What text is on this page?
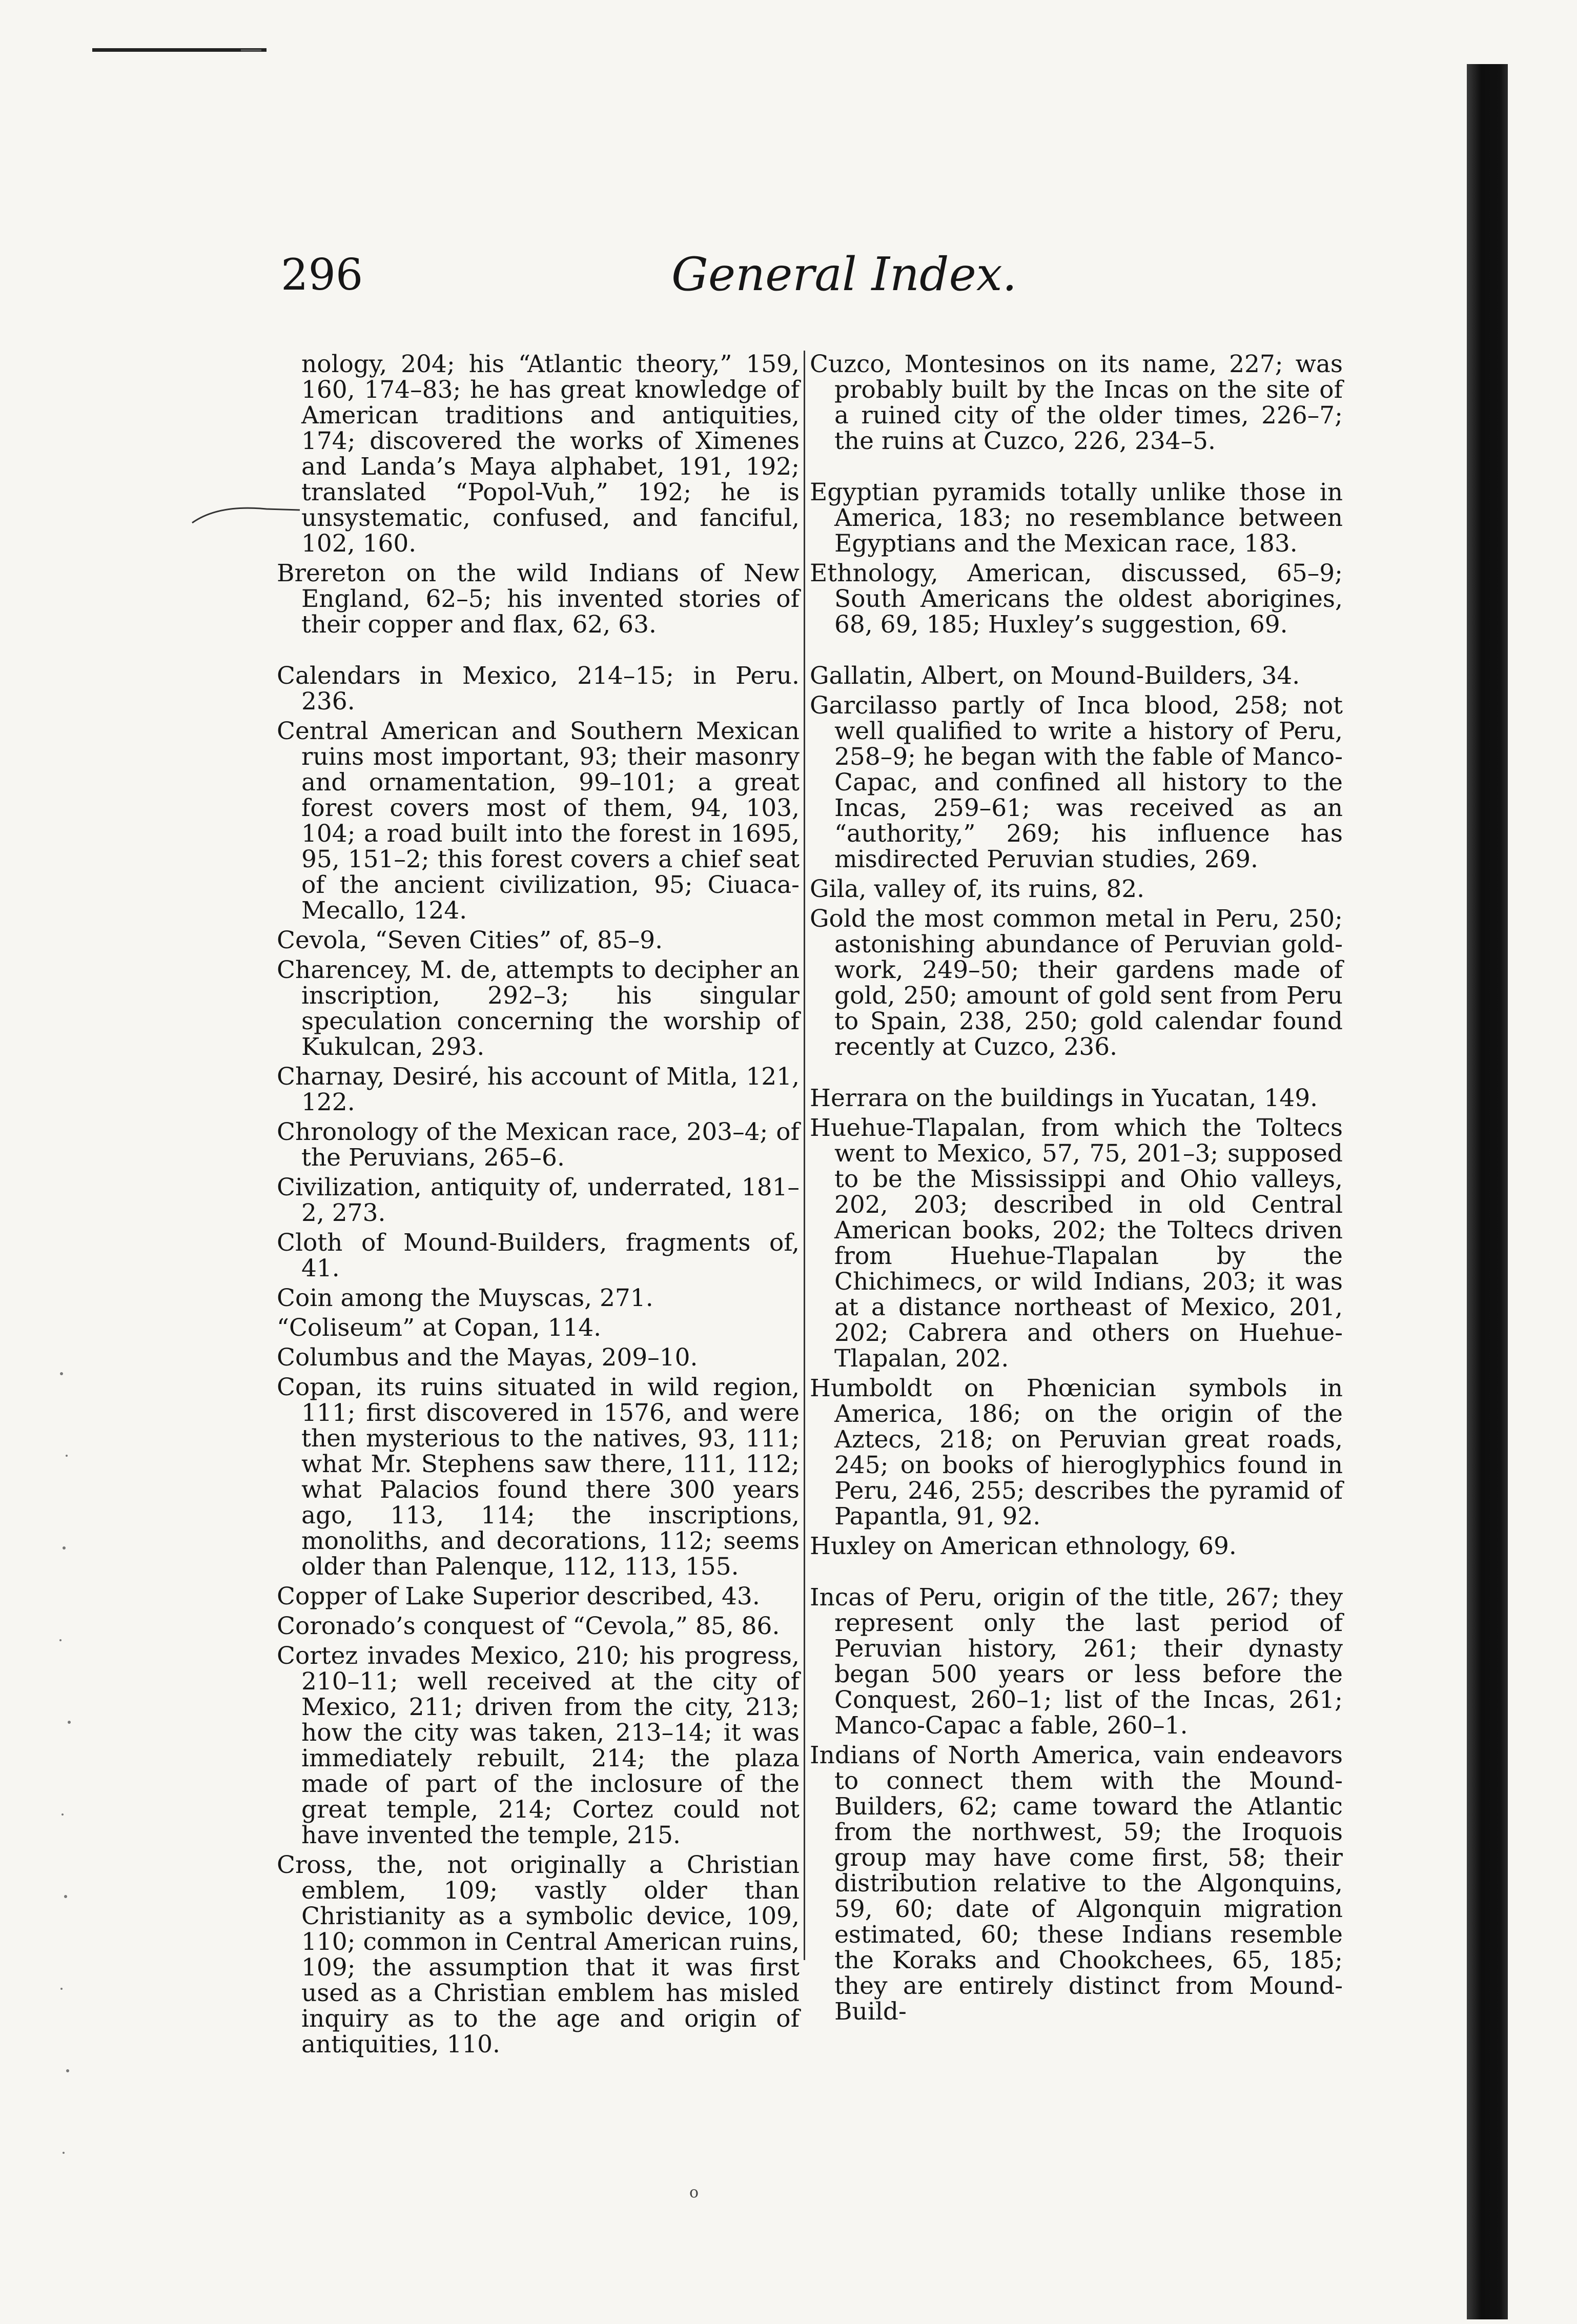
296	General Index.

nology, 204; his “Atlantic theory,” 159, 160, 174–83; he has great knowledge of American traditions and antiquities, 174; discovered the works of Ximenes and Landa’s Maya alphabet, 191, 192; translated “Popol-Vuh,” 192; he is unsystematic, confused, and fanciful, 102, 160.

Brereton on the wild Indians of New England, 62–5; his invented stories of their copper and flax, 62, 63.

Calendars in Mexico, 214–15; in Peru. 236.

Central American and Southern Mexican ruins most important, 93; their masonry and ornamentation, 99–101; a great forest covers most of them, 94, 103, 104; a road built into the forest in 1695, 95, 151–2; this forest covers a chief seat of the ancient civilization, 95; Ciuaca-Mecallo, 124.

Cevola, “Seven Cities” of, 85–9.

Charencey, M. de, attempts to decipher an inscription, 292–3; his singular speculation concerning the worship of Kukulcan, 293.

Charnay, Desiré, his account of Mitla, 121, 122.

Chronology of the Mexican race, 203–4; of the Peruvians, 265–6.

Civilization, antiquity of, underrated, 181–2, 273.

Cloth of Mound-Builders, fragments of, 41.

Coin among the Muyscas, 271.

“Coliseum” at Copan, 114.

Columbus and the Mayas, 209–10.

Copan, its ruins situated in wild region, 111; first discovered in 1576, and were then mysterious to the natives, 93, 111; what Mr. Stephens saw there, 111, 112; what Palacios found there 300 years ago, 113, 114; the inscriptions, monoliths, and decorations, 112; seems older than Palenque, 112, 113, 155.

Copper of Lake Superior described, 43.

Coronado’s conquest of “Cevola,” 85, 86.

Cortez invades Mexico, 210; his progress, 210–11; well received at the city of Mexico, 211; driven from the city, 213; how the city was taken, 213–14; it was immediately rebuilt, 214; the plaza made of part of the inclosure of the great temple, 214; Cortez could not have invented the temple, 215.

Cross, the, not originally a Christian emblem, 109; vastly older than Christianity as a symbolic device, 109, 110; common in Central American ruins, 109; the assumption that it was first used as a Christian emblem has misled inquiry as to the age and origin of antiquities, 110.

Cuzco, Montesinos on its name, 227; was probably built by the Incas on the site of a ruined city of the older times, 226–7; the ruins at Cuzco, 226, 234–5.

Egyptian pyramids totally unlike those in America, 183; no resemblance between Egyptians and the Mexican race, 183.

Ethnology, American, discussed, 65–9; South Americans the oldest aborigines, 68, 69, 185; Huxley’s suggestion, 69.

Gallatin, Albert, on Mound-Builders, 34.

Garcilasso partly of Inca blood, 258; not well qualified to write a history of Peru, 258–9; he began with the fable of Manco-Capac, and confined all history to the Incas, 259–61; was received as an “authority,” 269; his influence has misdirected Peruvian studies, 269.

Gila, valley of, its ruins, 82.

Gold the most common metal in Peru, 250; astonishing abundance of Peruvian gold-work, 249–50; their gardens made of gold, 250; amount of gold sent from Peru to Spain, 238, 250; gold calendar found recently at Cuzco, 236.

Herrara on the buildings in Yucatan, 149.

Huehue-Tlapalan, from which the Toltecs went to Mexico, 57, 75, 201–3; supposed to be the Mississippi and Ohio valleys, 202, 203; described in old Central American books, 202; the Toltecs driven from Huehue-Tlapalan by the Chichimecs, or wild Indians, 203; it was at a distance northeast of Mexico, 201, 202; Cabrera and others on Huehue-Tlapalan, 202.

Humboldt on Phœnician symbols in America, 186; on the origin of the Aztecs, 218; on Peruvian great roads, 245; on books of hieroglyphics found in Peru, 246, 255; describes the pyramid of Papantla, 91, 92.

Huxley on American ethnology, 69.

Incas of Peru, origin of the title, 267; they represent only the last period of Peruvian history, 261; their dynasty began 500 years or less before the Conquest, 260–1; list of the Incas, 261; Manco-Capac a fable, 260–1.

Indians of North America, vain endeavors to connect them with the Mound-Builders, 62; came toward the Atlantic from the northwest, 59; the Iroquois group may have come first, 58; their distribution relative to the Algonquins, 59, 60; date of Algonquin migration estimated, 60; these Indians resemble the Koraks and Chookchees, 65, 185; they are entirely distinct from Mound-Build-

o
